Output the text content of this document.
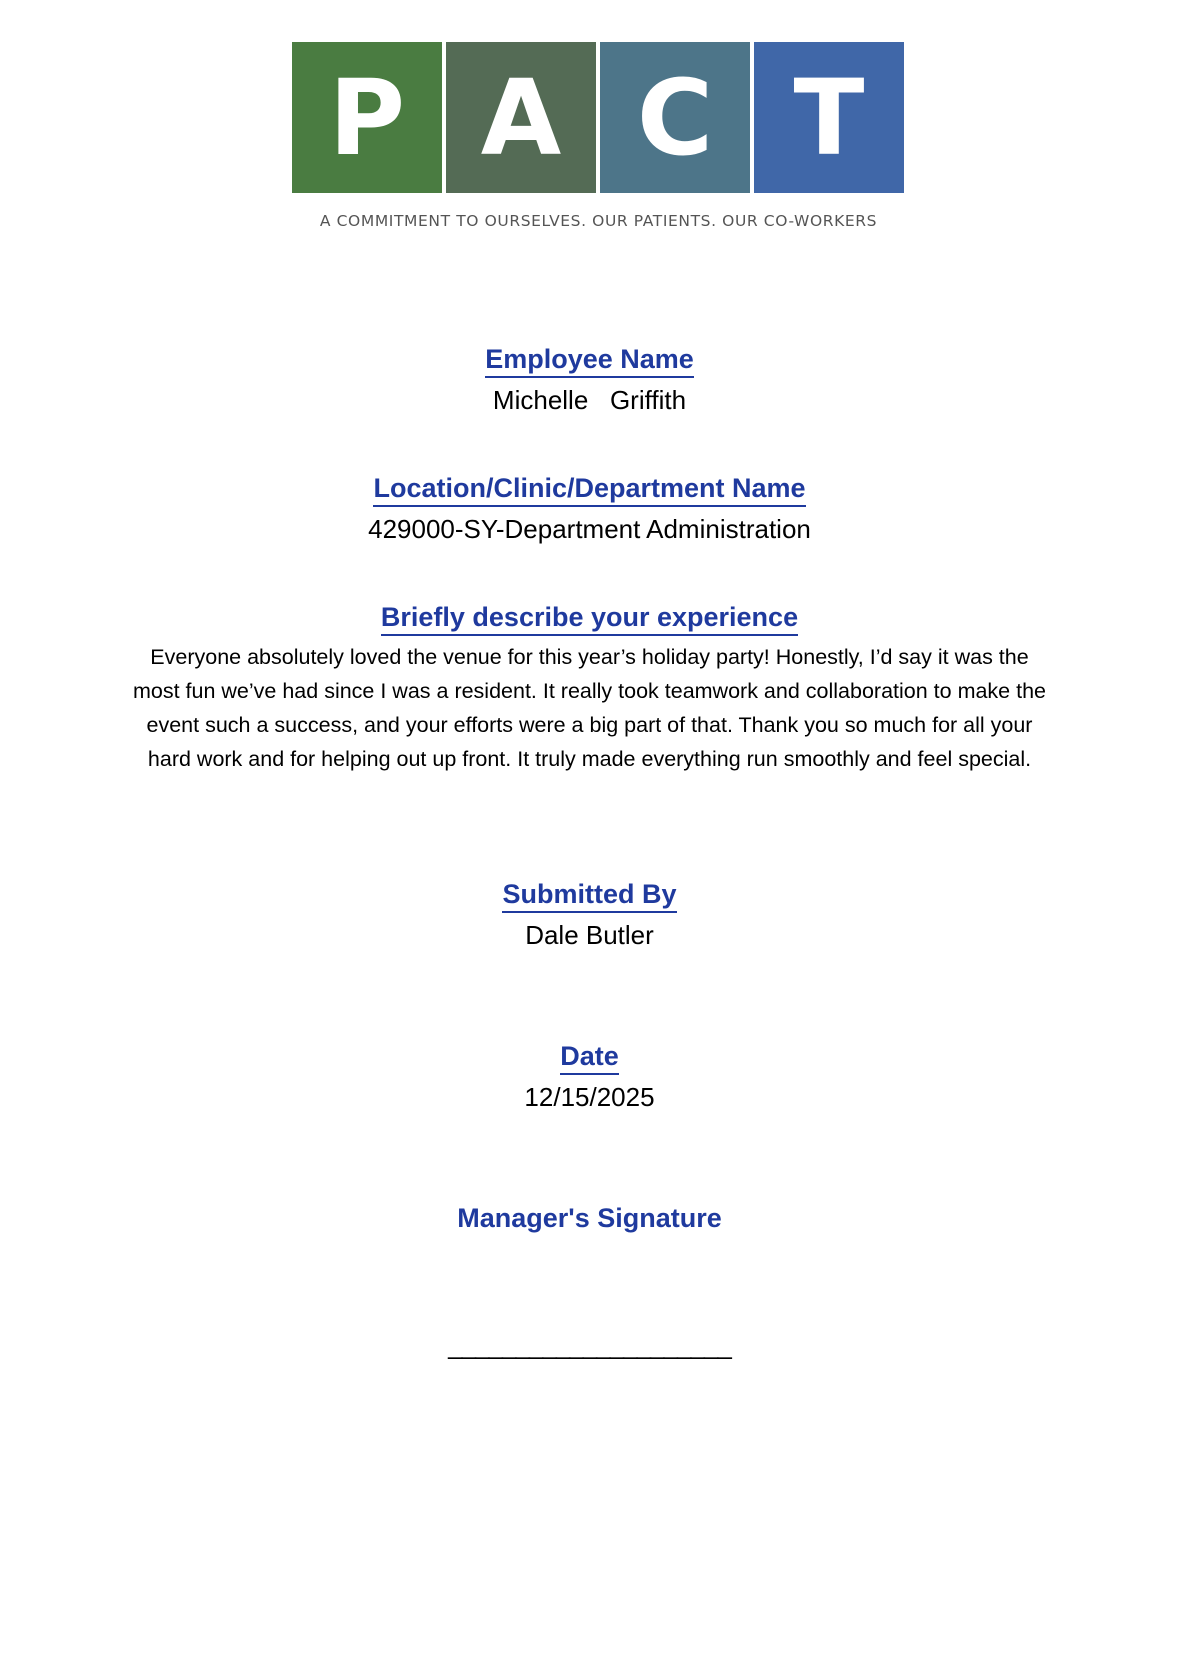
P A C T
A COMMITMENT TO OURSELVES. OUR PATIENTS. OUR CO-WORKERS
Employee Name
Michelle   Griffith
Location/Clinic/Department Name
429000-SY-Department Administration
Briefly describe your experience
Everyone absolutely loved the venue for this year’s holiday party! Honestly, I’d say it was the most fun we’ve had since I was a resident. It really took teamwork and collaboration to make the event such a success, and your efforts were a big part of that. Thank you so much for all your hard work and for helping out up front. It truly made everything run smoothly and feel special.
Submitted By
Dale Butler
Date
12/15/2025
Manager's Signature
_____________________
